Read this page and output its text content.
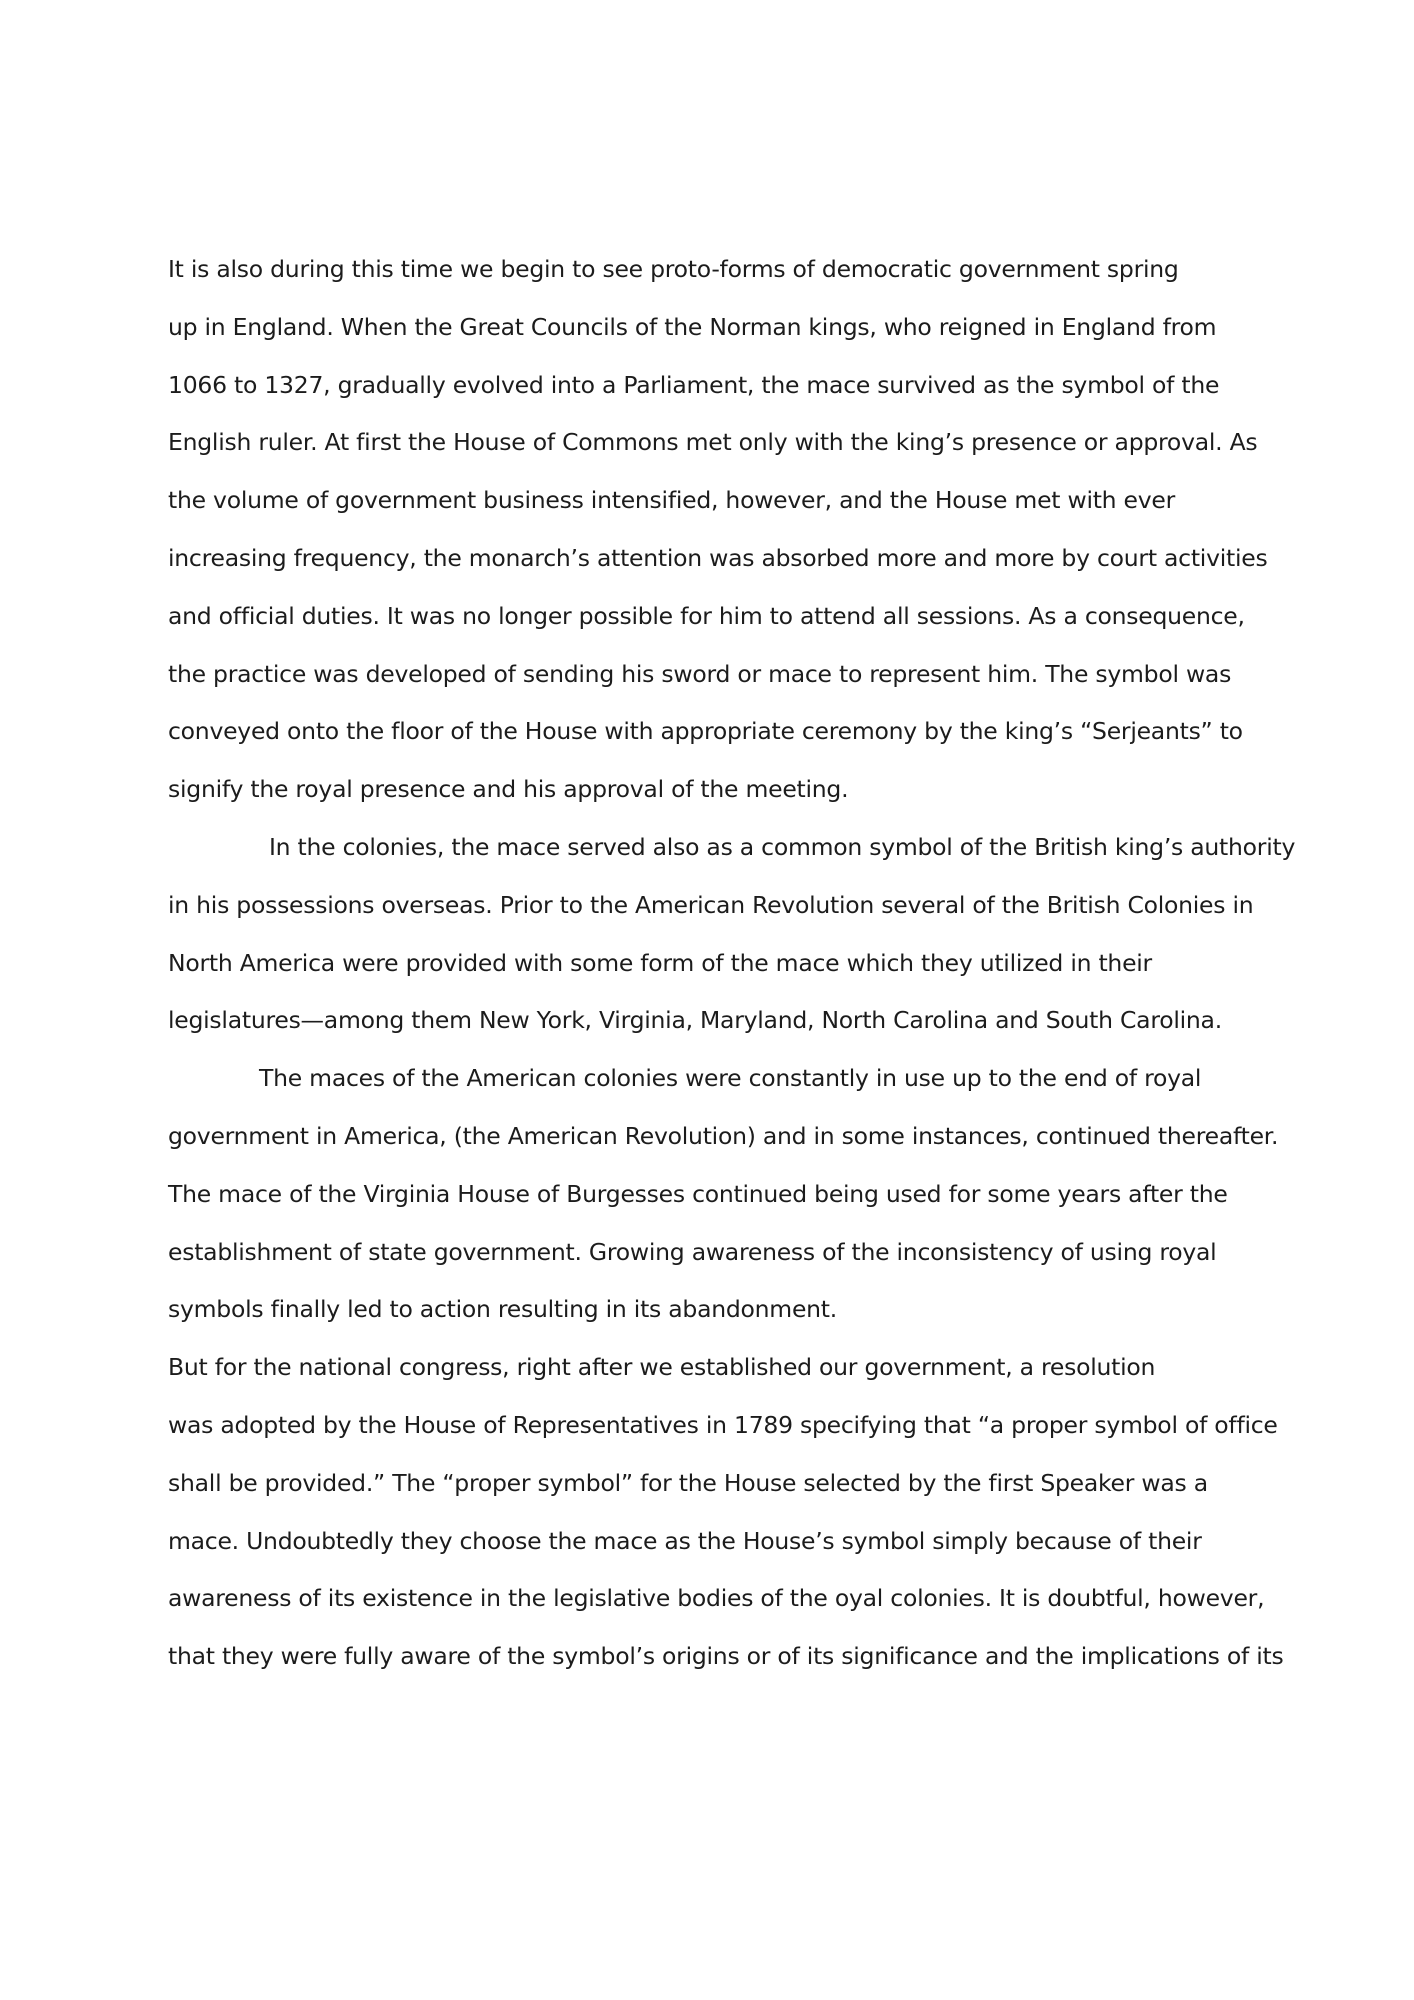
It is also during this time we begin to see proto-forms of democratic government spring
up in England. When the Great Councils of the Norman kings, who reigned in England from
1066 to 1327, gradually evolved into a Parliament, the mace survived as the symbol of the
English ruler. At first the House of Commons met only with the king’s presence or approval. As
the volume of government business intensified, however, and the House met with ever
increasing frequency, the monarch’s attention was absorbed more and more by court activities
and official duties. It was no longer possible for him to attend all sessions. As a consequence,
the practice was developed of sending his sword or mace to represent him. The symbol was
conveyed onto the floor of the House with appropriate ceremony by the king’s “Serjeants” to
signify the royal presence and his approval of the meeting.
In the colonies, the mace served also as a common symbol of the British king’s authority
in his possessions overseas. Prior to the American Revolution several of the British Colonies in
North America were provided with some form of the mace which they utilized in their
legislatures—among them New York, Virginia, Maryland, North Carolina and South Carolina.
The maces of the American colonies were constantly in use up to the end of royal
government in America, (the American Revolution) and in some instances, continued thereafter.
The mace of the Virginia House of Burgesses continued being used for some years after the
establishment of state government. Growing awareness of the inconsistency of using royal
symbols finally led to action resulting in its abandonment.
But for the national congress, right after we established our government, a resolution
was adopted by the House of Representatives in 1789 specifying that “a proper symbol of office
shall be provided.” The “proper symbol” for the House selected by the first Speaker was a
mace. Undoubtedly they choose the mace as the House’s symbol simply because of their
awareness of its existence in the legislative bodies of the oyal colonies. It is doubtful, however,
that they were fully aware of the symbol’s origins or of its significance and the implications of its
